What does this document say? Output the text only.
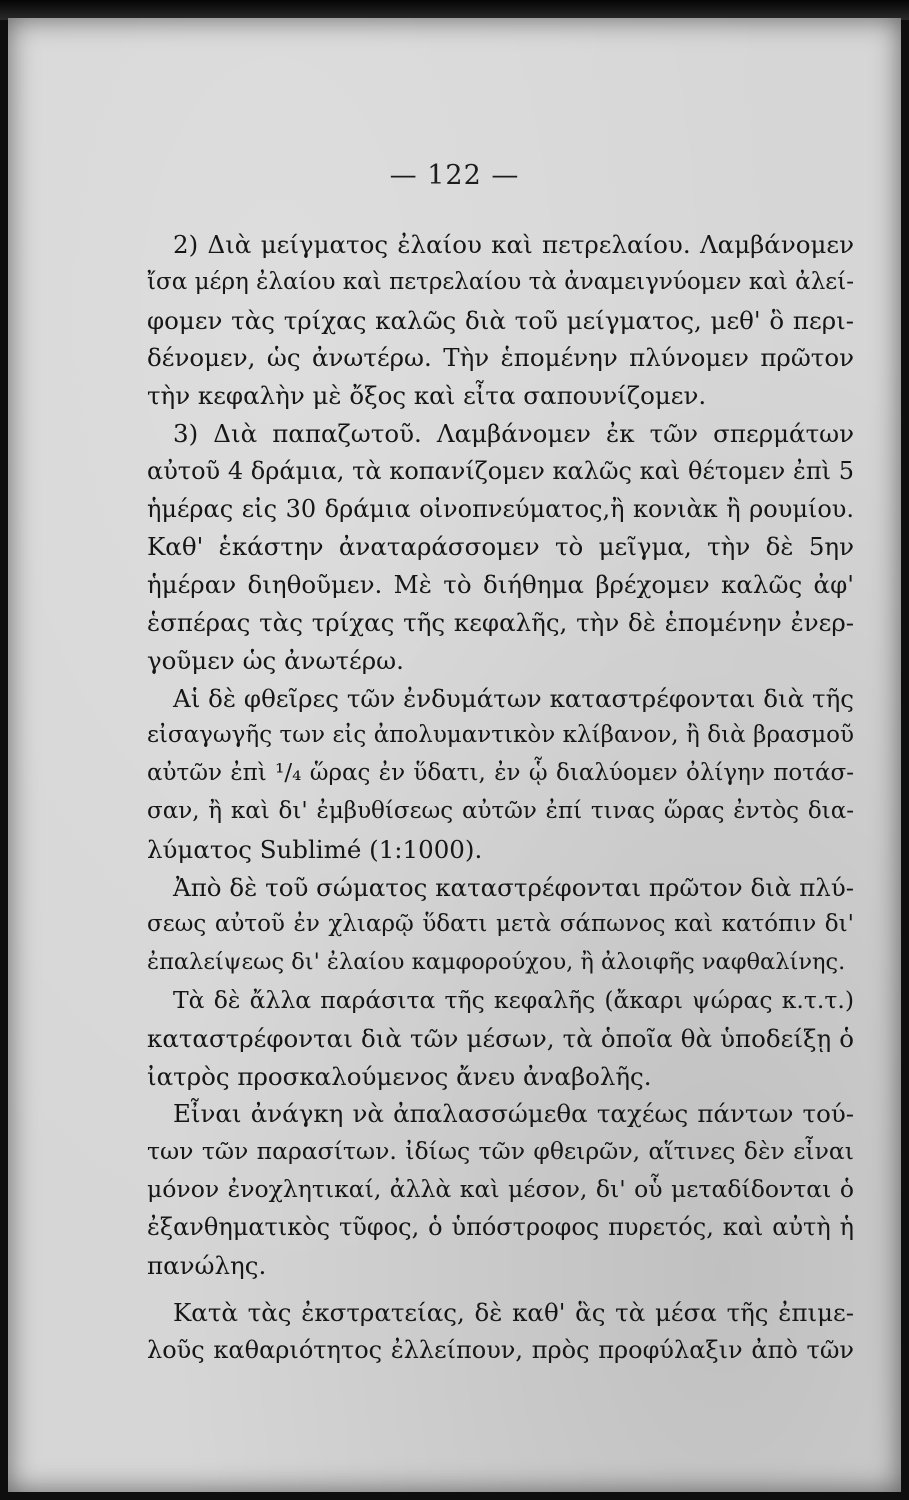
— 122 —
2) Διὰ μείγματος ἐλαίου καὶ πετρελαίου. Λαμβάνομεν
ἴσα μέρη ἐλαίου καὶ πετρελαίου τὰ ἀναμειγνύομεν καὶ ἀλεί-
φομεν τὰς τρίχας καλῶς διὰ τοῦ μείγματος, μεθ' ὃ περι-
δένομεν, ὡς ἀνωτέρω. Τὴν ἑπομένην πλύνομεν πρῶτον
τὴν κεφαλὴν μὲ ὄξος καὶ εἶτα σαπουνίζομεν.
3) Διὰ παπαζωτοῦ. Λαμβάνομεν ἐκ τῶν σπερμάτων
αὐτοῦ 4 δράμια, τὰ κοπανίζομεν καλῶς καὶ θέτομεν ἐπὶ 5
ἡμέρας εἰς 30 δράμια οἰνοπνεύματος,ἢ κονιὰκ ἢ ρουμίου.
Καθ' ἑκάστην ἀναταράσσομεν τὸ μεῖγμα, τὴν δὲ 5ην
ἡμέραν διηθοῦμεν. Μὲ τὸ διήθημα βρέχομεν καλῶς ἀφ'
ἑσπέρας τὰς τρίχας τῆς κεφαλῆς, τὴν δὲ ἑπομένην ἐνερ-
γοῦμεν ὡς ἀνωτέρω.
Αἱ δὲ φθεῖρες τῶν ἐνδυμάτων καταστρέφονται διὰ τῆς
εἰσαγωγῆς των εἰς ἀπολυμαντικὸν κλίβανον, ἢ διὰ βρασμοῦ
αὐτῶν ἐπὶ ¹/₄ ὥρας ἐν ὕδατι, ἐν ᾧ διαλύομεν ὀλίγην ποτάσ-
σαν, ἢ καὶ δι' ἐμβυθίσεως αὐτῶν ἐπί τινας ὥρας ἐντὸς δια-
λύματος Sublimé (1:1000).
Ἀπὸ δὲ τοῦ σώματος καταστρέφονται πρῶτον διὰ πλύ-
σεως αὐτοῦ ἐν χλιαρῷ ὕδατι μετὰ σάπωνος καὶ κατόπιν δι'
ἐπαλείψεως δι' ἐλαίου καμφορούχου, ἢ ἀλοιφῆς ναφθαλίνης.
Τὰ δὲ ἄλλα παράσιτα τῆς κεφαλῆς (ἄκαρι ψώρας κ.τ.τ.)
καταστρέφονται διὰ τῶν μέσων, τὰ ὁποῖα θὰ ὑποδείξῃ ὁ
ἰατρὸς προσκαλούμενος ἄνευ ἀναβολῆς.
Εἶναι ἀνάγκη νὰ ἀπαλασσώμεθα ταχέως πάντων τού-
των τῶν παρασίτων. ἰδίως τῶν φθειρῶν, αἵτινες δὲν εἶναι
μόνον ἐνοχλητικαί, ἀλλὰ καὶ μέσον, δι' οὗ μεταδίδονται ὁ
ἐξανθηματικὸς τῦφος, ὁ ὑπόστροφος πυρετός, καὶ αὐτὴ ἡ
πανώλης.
Κατὰ τὰς ἐκστρατείας, δὲ καθ' ἃς τὰ μέσα τῆς ἐπιμε-
λοῦς καθαριότητος ἐλλείπουν, πρὸς προφύλαξιν ἀπὸ τῶν
